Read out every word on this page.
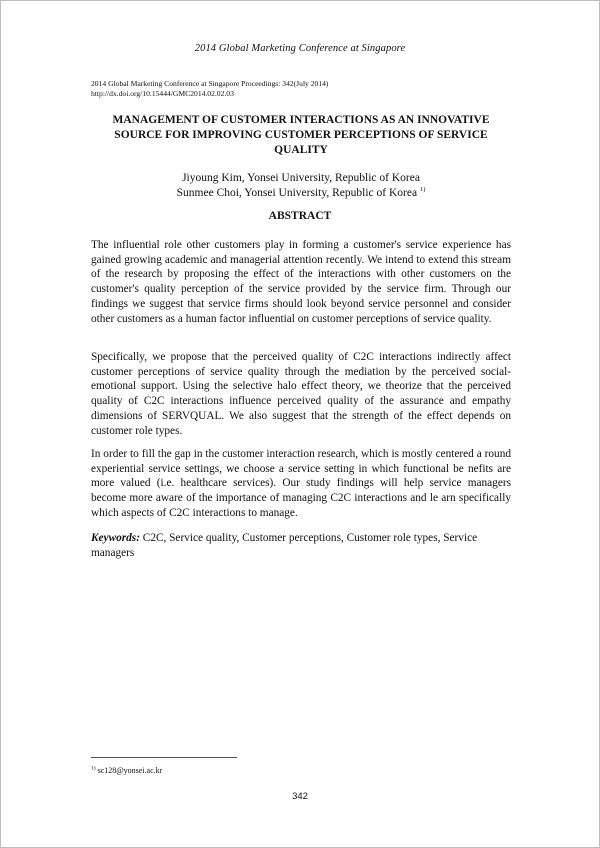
2014 Global Marketing Conference at Singapore
2014 Global Marketing Conference at Singapore Proceedings: 342(July 2014)
http://dx.doi.org/10.15444/GMC2014.02.02.03
MANAGEMENT OF CUSTOMER INTERACTIONS AS AN INNOVATIVE
SOURCE FOR IMPROVING CUSTOMER PERCEPTIONS OF SERVICE
QUALITY
Jiyoung Kim, Yonsei University, Republic of Korea
Sunmee Choi, Yonsei University, Republic of Korea $^{1)}$
ABSTRACT
The influential role other customers play in forming a customer's service experience has gained growing academic and managerial attention recently. We intend to extend this stream of the research by proposing the effect of the interactions with other customers on the customer's quality perception of the service provided by the service firm. Through our findings we suggest that service firms should look beyond service personnel and consider other customers as a human factor influential on customer perceptions of service quality.
Specifically, we propose that the perceived quality of C2C interactions indirectly affect customer perceptions of service quality through the mediation by the perceived social-emotional support. Using the selective halo effect theory, we theorize that the perceived quality of C2C interactions influence perceived quality of the assurance and empathy dimensions of SERVQUAL. We also suggest that the strength of the effect depends on customer role types.
In order to fill the gap in the customer interaction research, which is mostly centered a round experiential service settings, we choose a service setting in which functional be nefits are more valued (i.e. healthcare services). Our study findings will help service managers become more aware of the importance of managing C2C interactions and le arn specifically which aspects of C2C interactions to manage.
Keywords: C2C, Service quality, Customer perceptions, Customer role types, Service managers
$^{1)}$ sc128@yonsei.ac.kr
342
